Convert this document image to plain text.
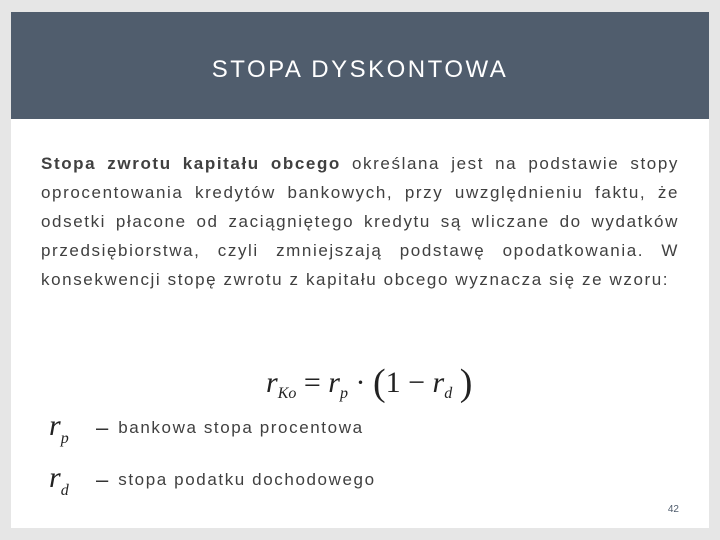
STOPA DYSKONTOWA
Stopa zwrotu kapitału obcego określana jest na podstawie stopy oprocentowania kredytów bankowych, przy uwzględnieniu faktu, że odsetki płacone od zaciągniętego kredytu są wliczane do wydatków przedsiębiorstwa, czyli zmniejszają podstawę opodatkowania. W konsekwencji stopę zwrotu z kapitału obcego wyznacza się ze wzoru:
$r_{Ko} = r_p \cdot (1 - r_d$ )
$r_p$	– bankowa stopa procentowa
$r_d$	– stopa podatku dochodowego
42
